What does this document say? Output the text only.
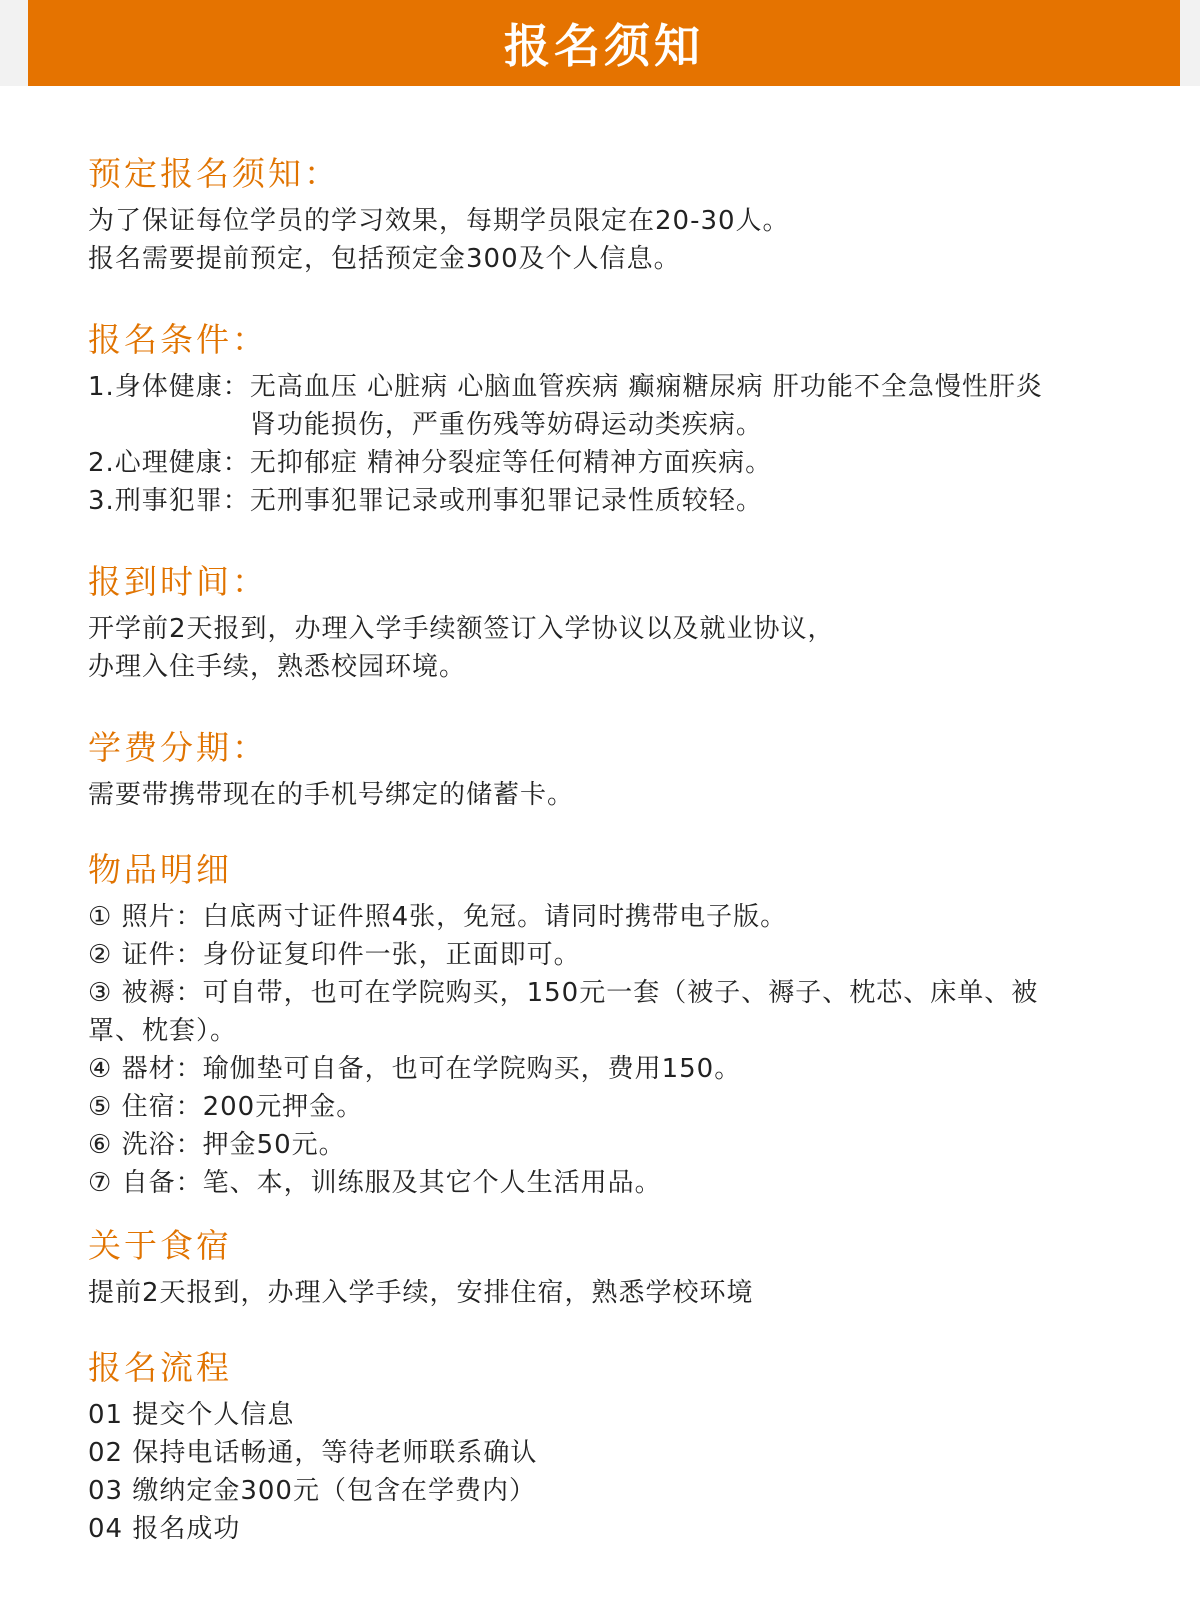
报名须知
预定报名须知：
为了保证每位学员的学习效果，每期学员限定在20-30人。
报名需要提前预定，包括预定金300及个人信息。
报名条件：
1.身体健康： 无高血压 心脏病 心脑血管疾病 癫痫糖尿病 肝功能不全急慢性肝炎肾功能损伤，严重伤残等妨碍运动类疾病。
2.心理健康： 无抑郁症 精神分裂症等任何精神方面疾病。
3.刑事犯罪： 无刑事犯罪记录或刑事犯罪记录性质较轻。
报到时间：
开学前2天报到，办理入学手续额签订入学协议以及就业协议，
办理入住手续，熟悉校园环境。
学费分期：
需要带携带现在的手机号绑定的储蓄卡。
物品明细
① 照片：白底两寸证件照4张，免冠。请同时携带电子版。
② 证件：身份证复印件一张，正面即可。
③ 被褥：可自带，也可在学院购买，150元一套（被子、褥子、枕芯、床单、被罩、枕套）。
④ 器材：瑜伽垫可自备，也可在学院购买，费用150。
⑤ 住宿：200元押金。
⑥ 洗浴：押金50元。
⑦ 自备：笔、本，训练服及其它个人生活用品。
关于食宿
提前2天报到，办理入学手续，安排住宿，熟悉学校环境
报名流程
01 提交个人信息
02 保持电话畅通，等待老师联系确认
03 缴纳定金300元（包含在学费内）
04 报名成功
